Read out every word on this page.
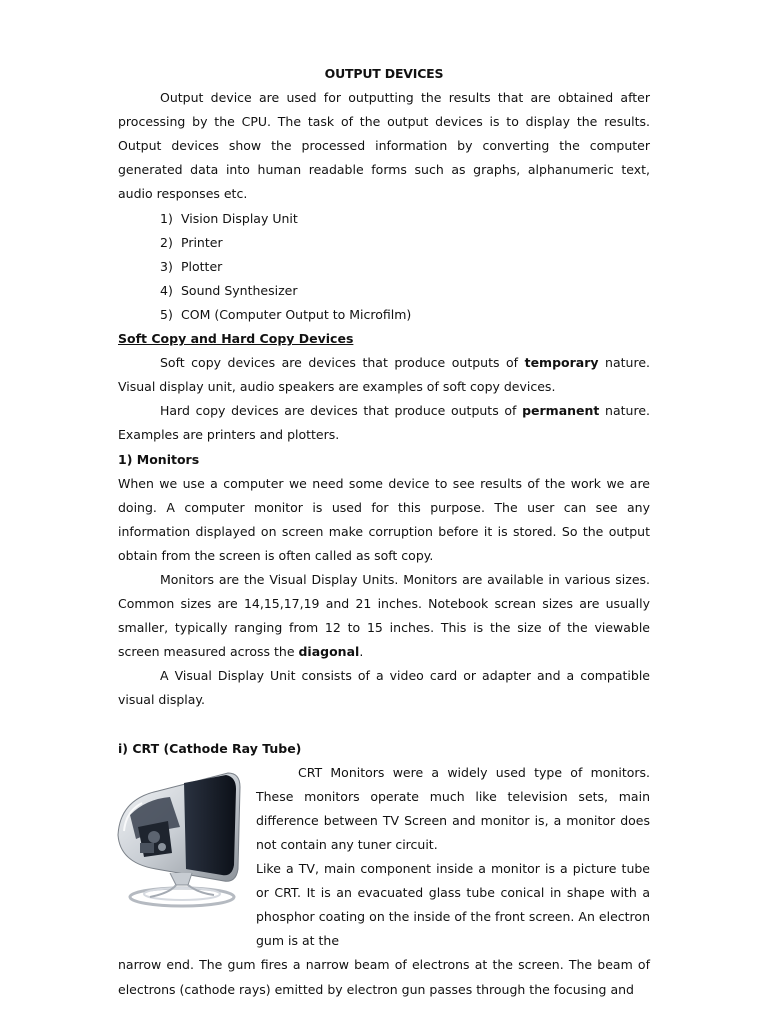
OUTPUT DEVICES

Output device are used for outputting the results that are obtained after processing by the CPU. The task of the output devices is to display the results. Output devices show the processed information by converting the computer generated data into human readable forms such as graphs, alphanumeric text, audio responses etc.

1) Vision Display Unit
2) Printer
3) Plotter
4) Sound Synthesizer
5) COM (Computer Output to Microfilm)

Soft Copy and Hard Copy Devices

Soft copy devices are devices that produce outputs of temporary nature. Visual display unit, audio speakers are examples of soft copy devices.

Hard copy devices are devices that produce outputs of permanent nature. Examples are printers and plotters.

1) Monitors

When we use a computer we need some device to see results of the work we are doing. A computer monitor is used for this purpose. The user can see any information displayed on screen make corruption before it is stored. So the output obtain from the screen is often called as soft copy.

Monitors are the Visual Display Units. Monitors are available in various sizes. Common sizes are 14,15,17,19 and 21 inches. Notebook screan sizes are usually smaller, typically ranging from 12 to 15 inches. This is the size of the viewable screen measured across the diagonal.

A Visual Display Unit consists of a video card or adapter and a compatible visual display.

i) CRT (Cathode Ray Tube)

CRT Monitors were a widely used type of monitors. These monitors operate much like television sets, main difference between TV Screen and monitor is, a monitor does not contain any tuner circuit.

Like a TV, main component inside a monitor is a picture tube or CRT. It is an evacuated glass tube conical in shape with a phosphor coating on the inside of the front screen. An electron gum is at the

narrow end. The gum fires a narrow beam of electrons at the screen. The beam of electrons (cathode rays) emitted by electron gun passes through the focusing and
